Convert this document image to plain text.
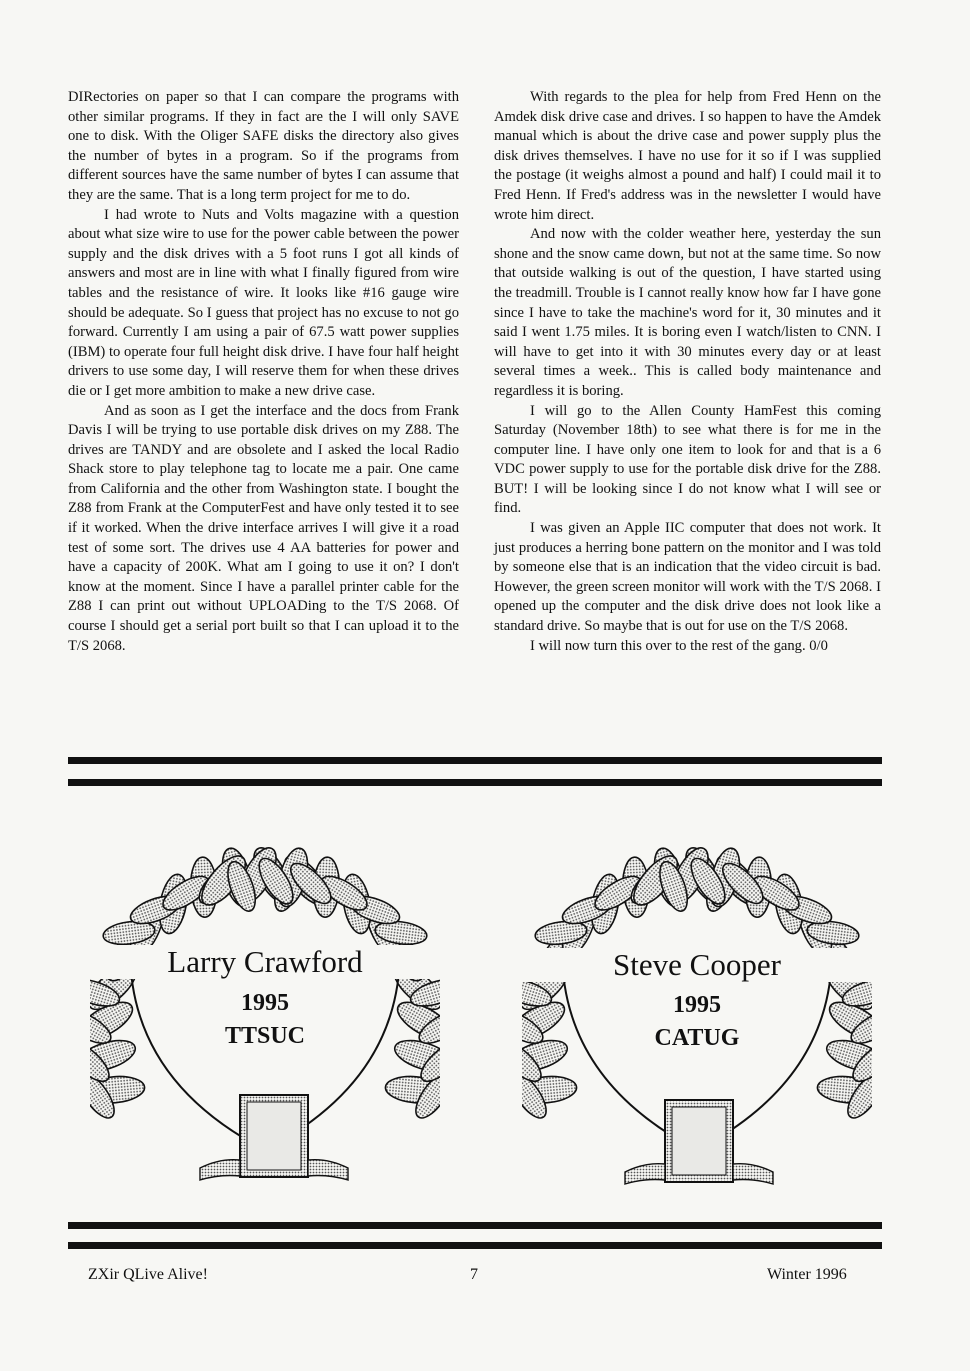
DIRectories on paper so that I can compare the programs with other similar programs. If they in fact are the I will only SAVE one to disk. With the Oliger SAFE disks the directory also gives the number of bytes in a program. So if the programs from different sources have the same number of bytes I can assume that they are the same. That is a long term project for me to do.

I had wrote to Nuts and Volts magazine with a question about what size wire to use for the power cable between the power supply and the disk drives with a 5 foot runs I got all kinds of answers and most are in line with what I finally figured from wire tables and the resistance of wire. It looks like #16 gauge wire should be adequate. So I guess that project has no excuse to not go forward. Currently I am using a pair of 67.5 watt power supplies (IBM) to operate four full height disk drive. I have four half height drivers to use some day, I will reserve them for when these drives die or I get more ambition to make a new drive case.

And as soon as I get the interface and the docs from Frank Davis I will be trying to use portable disk drives on my Z88. The drives are TANDY and are obsolete and I asked the local Radio Shack store to play telephone tag to locate me a pair. One came from California and the other from Washington state. I bought the Z88 from Frank at the ComputerFest and have only tested it to see if it worked. When the drive interface arrives I will give it a road test of some sort. The drives use 4 AA batteries for power and have a capacity of 200K. What am I going to use it on? I don't know at the moment. Since I have a parallel printer cable for the Z88 I can print out without UPLOADing to the T/S 2068. Of course I should get a serial port built so that I can upload it to the T/S 2068.

With regards to the plea for help from Fred Henn on the Amdek disk drive case and drives. I so happen to have the Amdek manual which is about the drive case and power supply plus the disk drives themselves. I have no use for it so if I was supplied the postage (it weighs almost a pound and half) I could mail it to Fred Henn. If Fred's address was in the newsletter I would have wrote him direct.

And now with the colder weather here, yesterday the sun shone and the snow came down, but not at the same time. So now that outside walking is out of the question, I have started using the treadmill. Trouble is I cannot really know how far I have gone since I have to take the machine's word for it, 30 minutes and it said I went 1.75 miles. It is boring even I watch/listen to CNN. I will have to get into it with 30 minutes every day or at least several times a week.. This is called body maintenance and regardless it is boring.

I will go to the Allen County HamFest this coming Saturday (November 18th) to see what there is for me in the computer line. I have only one item to look for and that is a 6 VDC power supply to use for the portable disk drive for the Z88. BUT! I will be looking since I do not know what I will see or find.

I was given an Apple IIC computer that does not work. It just produces a herring bone pattern on the monitor and I was told by someone else that is an indication that the video circuit is bad. However, the green screen monitor will work with the T/S 2068. I opened up the computer and the disk drive does not look like a standard drive. So maybe that is out for use on the T/S 2068.

I will now turn this over to the rest of the gang. 0/0

Larry Crawford
1995
TTSUC
Steve Cooper
1995
CATUG
ZXir QLive Alive!	7	Winter 1996
